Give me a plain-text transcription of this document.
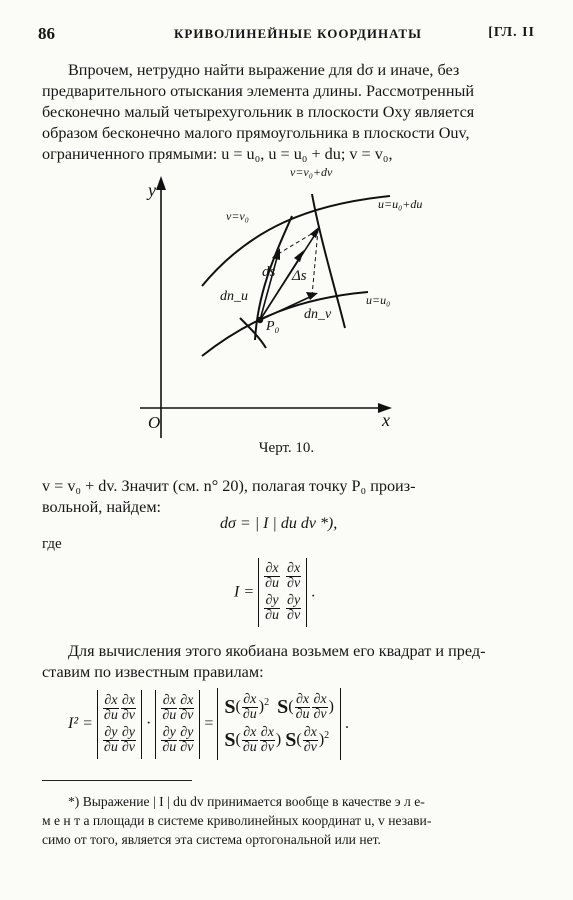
86	КРИВОЛИНЕЙНЫЕ КООРДИНАТЫ	[ГЛ. II
Впрочем, нетрудно найти выражение для dσ и иначе, без
предварительного отыскания элемента длины. Рассмотренный
бесконечно малый четырехугольник в плоскости Oxy является
образом бесконечно малого прямоугольника в плоскости Ouv,
ограниченного прямыми: u = u₀, u = u₀ + du; v = v₀,
y
x
O
v=v₀+dv
u=u₀+du
v=v₀
u=u₀
ds Δs
dn_u
dn_v
P₀
Черт. 10.
v = v₀ + dv. Значит (см. n° 20), полагая точку P₀ произ-
вольной, найдем:
dσ = | I | du dv *),
где
I =
$\frac{\partial x}{\partial u}$
$\frac{\partial x}{\partial v}$
$\frac{\partial y}{\partial u}$
$\frac{\partial y}{\partial v}$
.
Для вычисления этого якобиана возьмем его квадрат и пред-
ставим по известным правилам:
I² =
$\frac{\partial x}{\partial u} \frac{\partial x}{\partial v}$
$\frac{\partial y}{\partial u} \frac{\partial y}{\partial v}$
·
$\frac{\partial x}{\partial u} \frac{\partial x}{\partial v}$
$\frac{\partial y}{\partial u} \frac{\partial y}{\partial v}$
=
$S( \frac{\partial x}{\partial u} )^2$ $S( \frac{\partial x}{\partial u} \frac{\partial x}{\partial v}$ )
$S( \frac{\partial x}{\partial u} \frac{\partial x}{\partial v}$ ) $S( \frac{\partial x}{\partial v} )^2$
.
*) Выражение | I | du dv принимается вообще в качестве э л е-
м е н т а площади в системе криволинейных координат u, v незави-
симо от того, является эта система ортогональной или нет.
